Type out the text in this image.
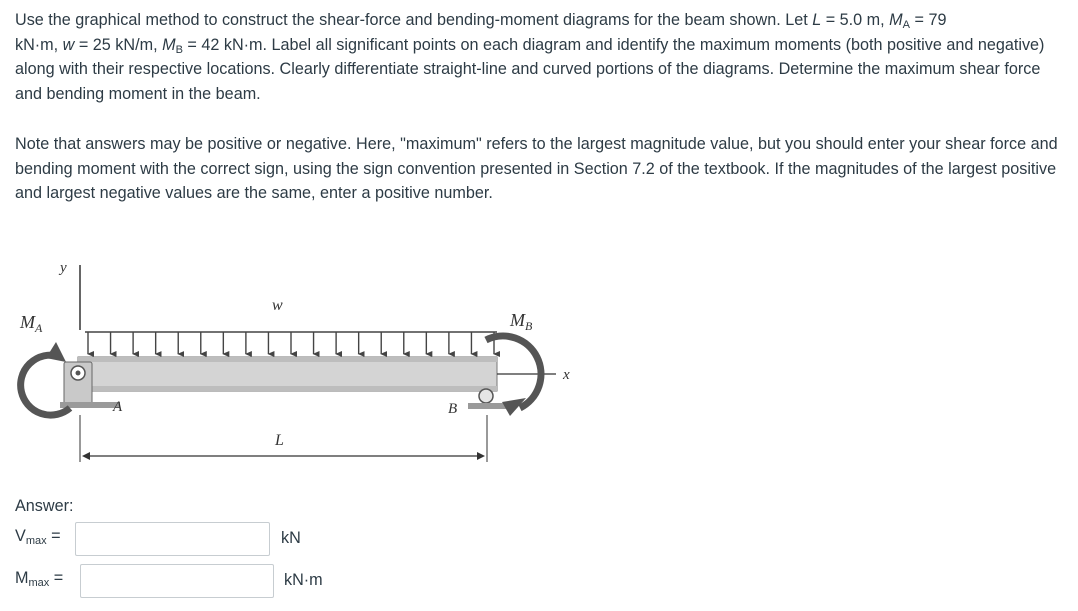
Use the graphical method to construct the shear-force and bending-moment diagrams for the beam shown. Let L = 5.0 m, $M_A = 79$
kN·m, w = 25 kN/m, $M_B = 42$ kN·m. Label all significant points on each diagram and identify the maximum moments (both positive and negative) along with their respective locations. Clearly differentiate straight-line and curved portions of the diagrams. Determine the maximum shear force and bending moment in the beam.

Note that answers may be positive or negative. Here, "maximum" refers to the largest magnitude value, but you should enter your shear force and bending moment with the correct sign, using the sign convention presented in Section 7.2 of the textbook. If the magnitudes of the largest positive and largest negative values are the same, enter a positive number.

y
w
x
A	B
$M_A$	$M_B$
L
Answer:
$V_{max}$ =	kN
$M_{max}$ =	kN·m
